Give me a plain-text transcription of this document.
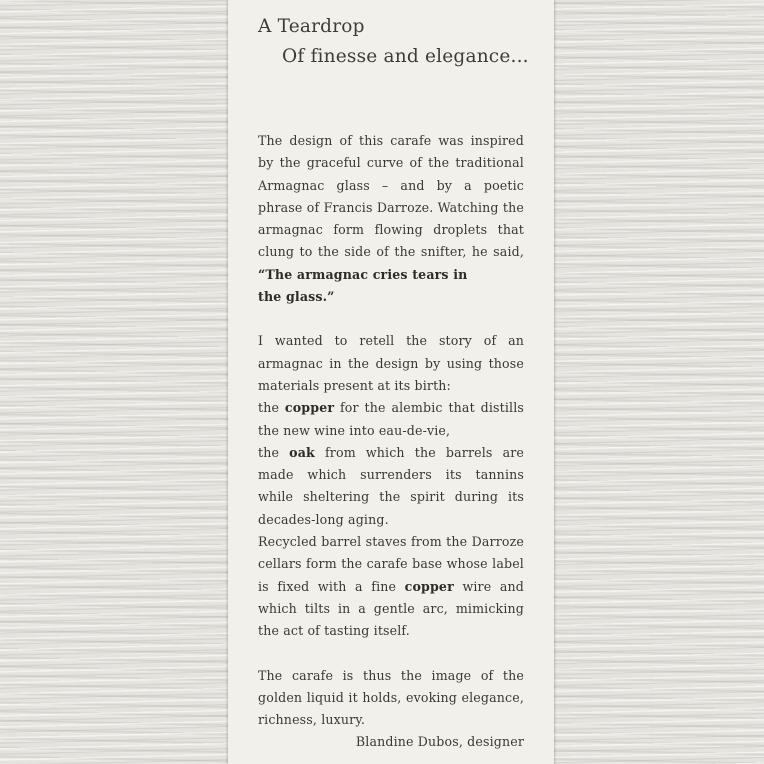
A Teardrop
Of finesse and elegance...

The design of this carafe was inspired by the graceful curve of the traditional Armagnac glass – and by a poetic phrase of Francis Darroze. Watching the armagnac form flowing droplets that clung to the side of the snifter, he said, “The armagnac cries tears in
the glass.”

I wanted to retell the story of an armagnac in the design by using those materials present at its birth:
the copper for the alembic that distills the new wine into eau-de-vie,
the oak from which the barrels are made which surrenders its tannins while sheltering the spirit during its decades-long aging.
Recycled barrel staves from the Darroze cellars form the carafe base whose label is fixed with a fine copper wire and which tilts in a gentle arc, mimicking the act of tasting itself.

The carafe is thus the image of the golden liquid it holds, evoking elegance, richness, luxury.

Blandine Dubos, designer
